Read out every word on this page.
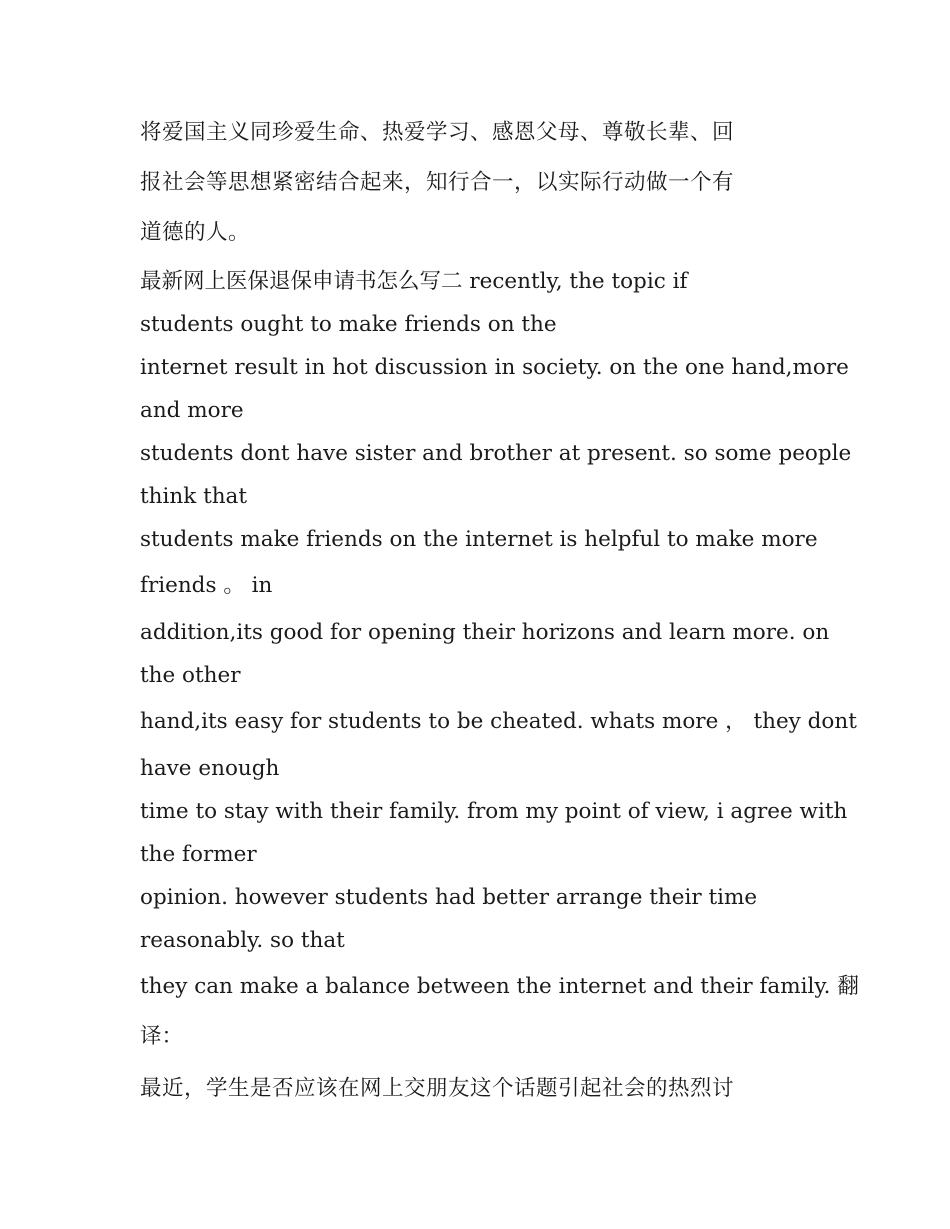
将爱国主义同珍爱生命、热爱学习、感恩父母、尊敬长辈、回
报社会等思想紧密结合起来，知行合一，以实际行动做一个有
道德的人。
最新网上医保退保申请书怎么写二 recently, the topic if
students ought to make friends on the
internet result in hot discussion in society. on the one hand,more
and more
students dont have sister and brother at present. so some people
think that
students make friends on the internet is helpful to make more
friends 。 in
addition,its good for opening their horizons and learn more. on
the other
hand,its easy for students to be cheated. whats more ， they dont
have enough
time to stay with their family. from my point of view, i agree with
the former
opinion. however students had better arrange their time
reasonably. so that
they can make a balance between the internet and their family. 翻
译：
最近，学生是否应该在网上交朋友这个话题引起社会的热烈讨
